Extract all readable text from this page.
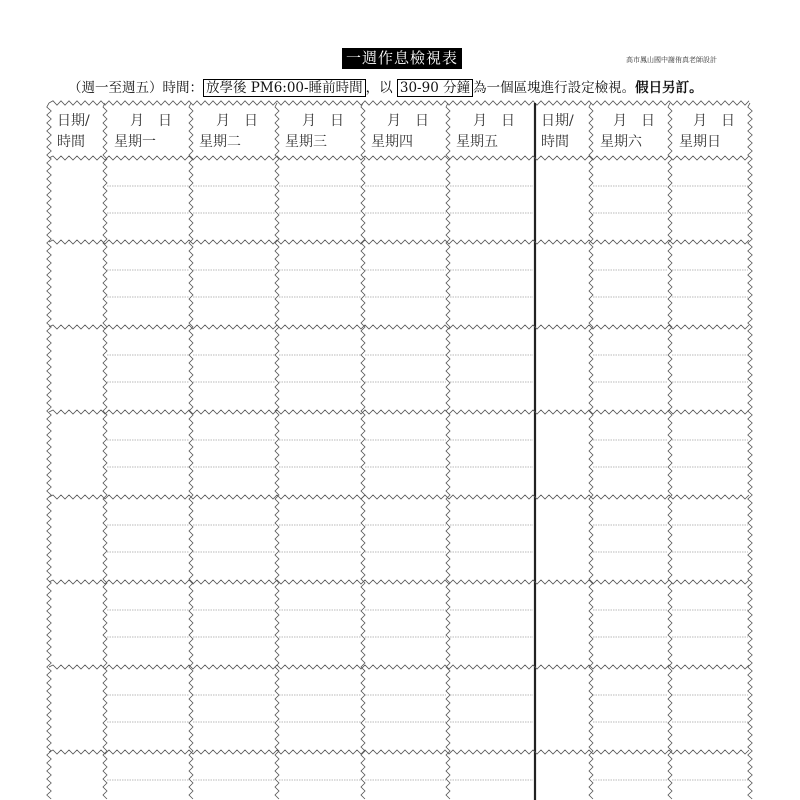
一週作息檢視表	高市鳳山國中謝侑真老師設計
（週一至週五）時間： 放學後 PM6:00-睡前時間 ，以 30-90 分鐘 為一個區塊進行設定檢視。假日另訂。
日期/
時間
月　日
星期一
月　日
星期二
月　日
星期三
月　日
星期四
月　日
星期五
日期/
時間
月　日
星期六
月　日
星期日
